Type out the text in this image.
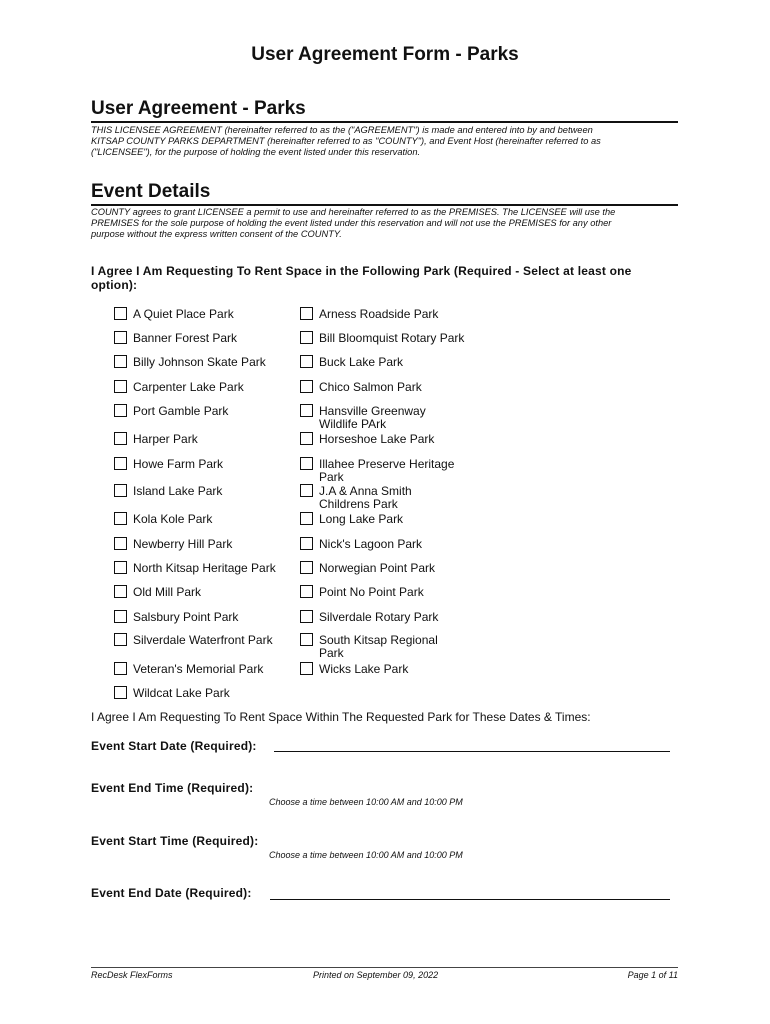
User Agreement Form - Parks
User Agreement - Parks
THIS LICENSEE AGREEMENT (hereinafter referred to as the ("AGREEMENT") is made and entered into by and between
KITSAP COUNTY PARKS DEPARTMENT (hereinafter referred to as "COUNTY"), and Event Host (hereinafter referred to as
("LICENSEE"), for the purpose of holding the event listed under this reservation.
Event Details
COUNTY agrees to grant LICENSEE a permit to use and hereinafter referred to as the PREMISES. The LICENSEE will use the
PREMISES for the sole purpose of holding the event listed under this reservation and will not use the PREMISES for any other
purpose without the express written consent of the COUNTY.
I Agree I Am Requesting To Rent Space in the Following Park (Required - Select at least one option):
A Quiet Place Park	Arness Roadside Park
Banner Forest Park	Bill Bloomquist Rotary Park
Billy Johnson Skate Park	Buck Lake Park
Carpenter Lake Park	Chico Salmon Park
Port Gamble Park	Hansville Greenway Wildlife PArk
Harper Park	Horseshoe Lake Park
Howe Farm Park	Illahee Preserve Heritage Park
Island Lake Park	J.A & Anna Smith Childrens Park
Kola Kole Park	Long Lake Park
Newberry Hill Park	Nick's Lagoon Park
North Kitsap Heritage Park	Norwegian Point Park
Old Mill Park	Point No Point Park
Salsbury Point Park	Silverdale Rotary Park
Silverdale Waterfront Park	South Kitsap Regional Park
Veteran's Memorial Park	Wicks Lake Park
Wildcat Lake Park
I Agree I Am Requesting To Rent Space Within The Requested Park for These Dates & Times:
Event Start Date (Required):
Event End Time (Required):
Choose a time between 10:00 AM and 10:00 PM
Event Start Time (Required):
Choose a time between 10:00 AM and 10:00 PM
Event End Date (Required):
RecDesk FlexForms	Printed on September 09, 2022	Page 1 of 11
